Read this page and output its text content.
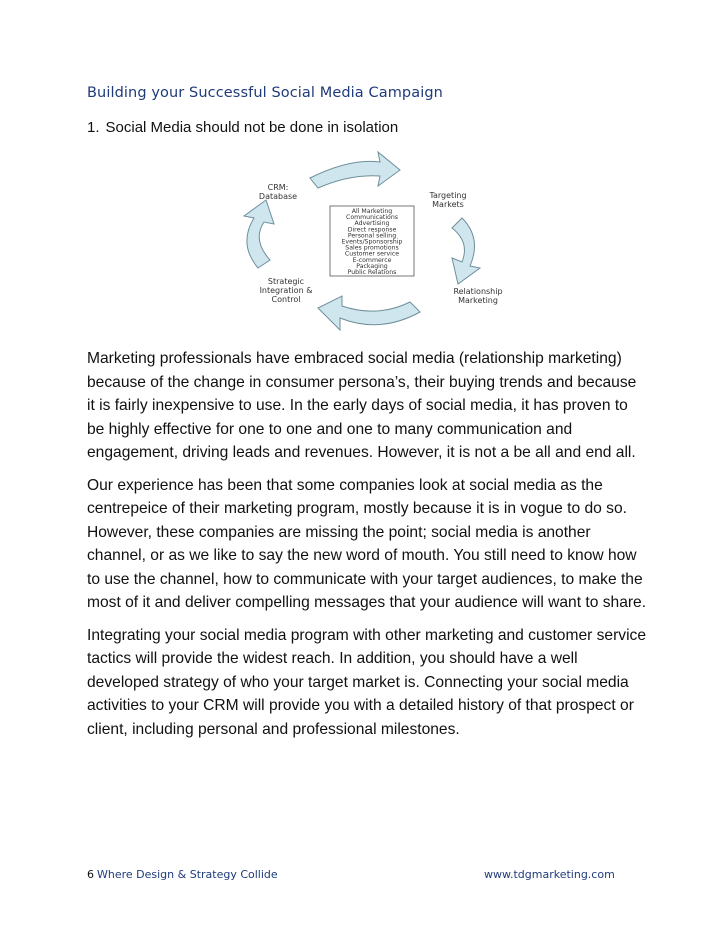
Building your Successful Social Media Campaign
1. Social Media should not be done in isolation
CRM: Database	Targeting Markets
Relationship Marketing
Strategic Integration & Control
All Marketing
Communications
Advertising
Direct response
Personal selling
Events/Sponsorship
Sales promotions
Customer service
E-commerce
Packaging
Public Relations

Marketing professionals have embraced social media (relationship marketing) because of the change in consumer persona’s, their buying trends and because it is fairly inexpensive to use. In the early days of social media, it has proven to be highly effective for one to one and one to many communication and engagement, driving leads and revenues. However, it is not a be all and end all.

Our experience has been that some companies look at social media as the centrepeice of their marketing program, mostly because it is in vogue to do so. However, these companies are missing the point; social media is another channel, or as we like to say the new word of mouth. You still need to know how to use the channel, how to communicate with your target audiences, to make the most of it and deliver compelling messages that your audience will want to share.

Integrating your social media program with other marketing and customer service tactics will provide the widest reach. In addition, you should have a well developed strategy of who your target market is. Connecting your social media activities to your CRM will provide you with a detailed history of that prospect or client, including personal and professional milestones.

6 Where Design & Strategy Collide	www.tdgmarketing.com
